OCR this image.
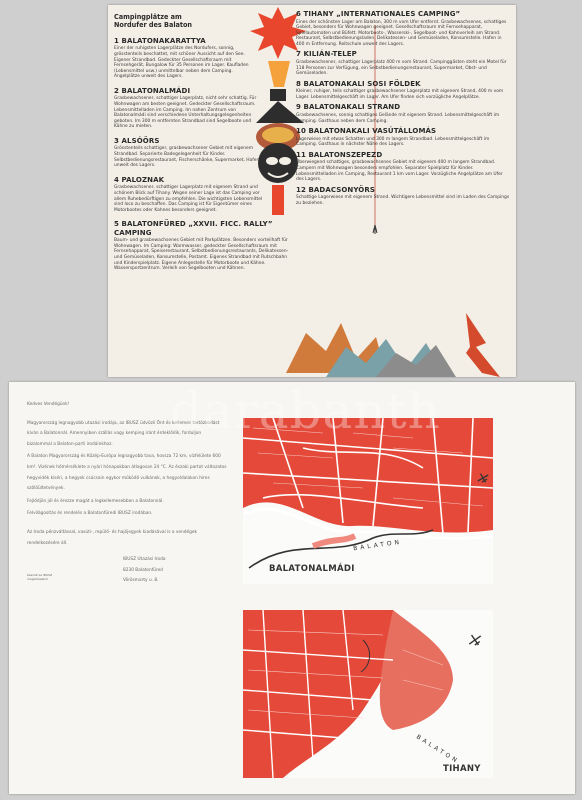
Campingplätze am Nordufer des Balaton
1 BALATONAKARATTYA

Einer der ruhigsten Lagerplätze des Nordufers, sonnig, grösstenteils beschattet, mit schöner Aussicht auf den See. Eigener Strandbad. Gedeckter Gesellschaftsraum mit Fernsehgerät, Bungalow für 35 Personen im Lager. Kaufladen (Lebensmittel usw.) unmittelbar neben dem Camping. Angelplätze unweit des Lagers.

2 BALATONALMÁDI

Grasbewachsener, schattiger Lagerplatz, nicht sehr schattig. Für Wohnwagen am besten geeignet. Gedeckter Gesellschaftsraum. Lebensmittelladen im Camping. Im nahen Zentrum von Balatonalmádi sind verschiedene Unterhaltungsgelegenheiten geboten. Im 300 m entfernten Strandbad sind Segelboote und Kähne zu mieten.

3 ALSÓÖRS

Grösstenteils schattiger, grasbewachsener Gebiet mit eigenem Strandbad. Separierte Badegelegenheit für Kinder. Selbstbedienungsrestaurant, Fischerschänke, Supermarket, Hafen unweit des Lagers.

4 PALOZNAK

Grasbewachsener, schattiger Lagerplatz mit eigenem Strand und schönem Blick auf Tihany. Wegen seiner Lage ist das Camping vor allem Ruhebedürftigen zu empfehlen. Die wichtigsten Lebensmittel sind loco zu beschaffen. Das Camping ist für Eigentümer eines Motorbootes oder Kahnes besonders geeignet.

5 BALATONFÜRED „XXVII. FICC. RALLY” CAMPING

Baum- und grasbewachsenes Gebiet mit Parkplätzen. Besonders vorteilhaft für Wohnwagen. Im Camping: Warmwasser, gedeckter Gesellschaftsraum mit Fernsehapparat, Speiserestaurant, Selbstbedienungsrestaurants, Delikatessen- und Gemüseladen, Konsumstelle, Postamt. Eigenes Strandbad mit Rutschbahn und Kinderspielplatz. Eigene Anlegestelle für Motorboote und Kähne. Wassersportzentrum. Verleih von Segelbooten und Kähnen.

6 TIHANY „INTERNATIONALES CAMPING”

Eines der schönsten Lager am Balaton, 300 m vom Ufer entfernt. Grasbewachsenes, schattiges Gebiet, besonders für Wohnwagen geeignet. Gesellschaftsraum mit Fernsehapparat, Spielautomaten und Büfett. Motorboots-, Wasserski-, Segelboot- und Kahnverleih am Strand. Restaurant, Selbstbedienungsladen, Delikatessen- und Gemüseladen, Konsumstelle. Hafen in 400 m Entfernung. Reitschule unweit des Lagers.

7 KILIÁN-TELEP

Grasbewachsener, schattiger Lagerplatz 400 m vom Strand. Campinggästen steht ein Motel für 118 Personen zur Verfügung, ein Selbstbedienungsrestaurant, Supermarket, Obst- und Gemüseladen.

8 BALATONAKALI SOSI FÖLDEK

Kleiner, ruhiger, teils schattiger grasbewachsener Lagerplatz mit eigenem Strand, 400 m vom Lager. Lebensmittelgeschäft im Lager. Am Ufer finden sich vorzügliche Angelplätze.

9 BALATONAKALI STRAND

Grasbewachsenes, sonnig schattiges Gelände mit eigenem Strand. Lebensmittelgeschäft im Camping. Gasthaus neben dem Camping.

10 BALATONAKALI VASÚTÁLLOMÁS

Lagerwiese mit etwas Schatten und 300 m langem Strandbad. Lebensmittelgeschäft im Camping. Gasthaus in nächster Nähe des Lagers.

11 BALATONSZEPEZD

Überwiegend schattiges, grasbewachsenes Gebiet mit eigenem 400 m langem Strandbad. Campern mit Wohnwagen besonders empfohlen. Separater Spielplatz für Kinder. Lebensmittelladen im Camping, Restaurant 1 km vom Lager. Vorzügliche Angelplätze am Ufer des Lagers.

12 BADACSONYÖRS

Schattige Lagerwiese mit eigenem Strand. Wichtigere Lebensmittel sind im Laden des Campings zu beziehen.

Kedves Vendégünk!

Magyarország legnagyobb utazási irodája, az IBUSZ üdvözli Önt és kellemes tartózkodást kíván a Balatonnál. Amennyiben szállás vagy kemping iránt érdeklődik, forduljon bizalommal a Balaton-parti irodáinkhoz.

A Balaton Magyarország és Közép-Európa legnagyobb tava, hossza 72 km, vízfelülete 600 km². Vizének hőmérséklete a nyári hónapokban átlagosan 24 °C. Az északi partot változatos hegyvidék kíséri, a hegyek csúcsain egykor működő vulkánok, a hegyoldalakon híres szőlőültetvények.

Fejlődjön jól és érezze magát a legkellemesebben a Balatonnál.

Felvilágosítás és rendelés a Balatonfüredi IBUSZ irodában.

Az Iroda pénzváltással, vasúti-, repülő- és hajójegyek kiadásával is a vendégek rendelkezésére áll.

IBUSZ Utazási Iroda
8230 Balatonfüred
Vörösmarty u. 8.
Készült az IBUSZ megbízásából
BALATONALMÁDI
BALATON
TIHANY
BALATON
darabanth
